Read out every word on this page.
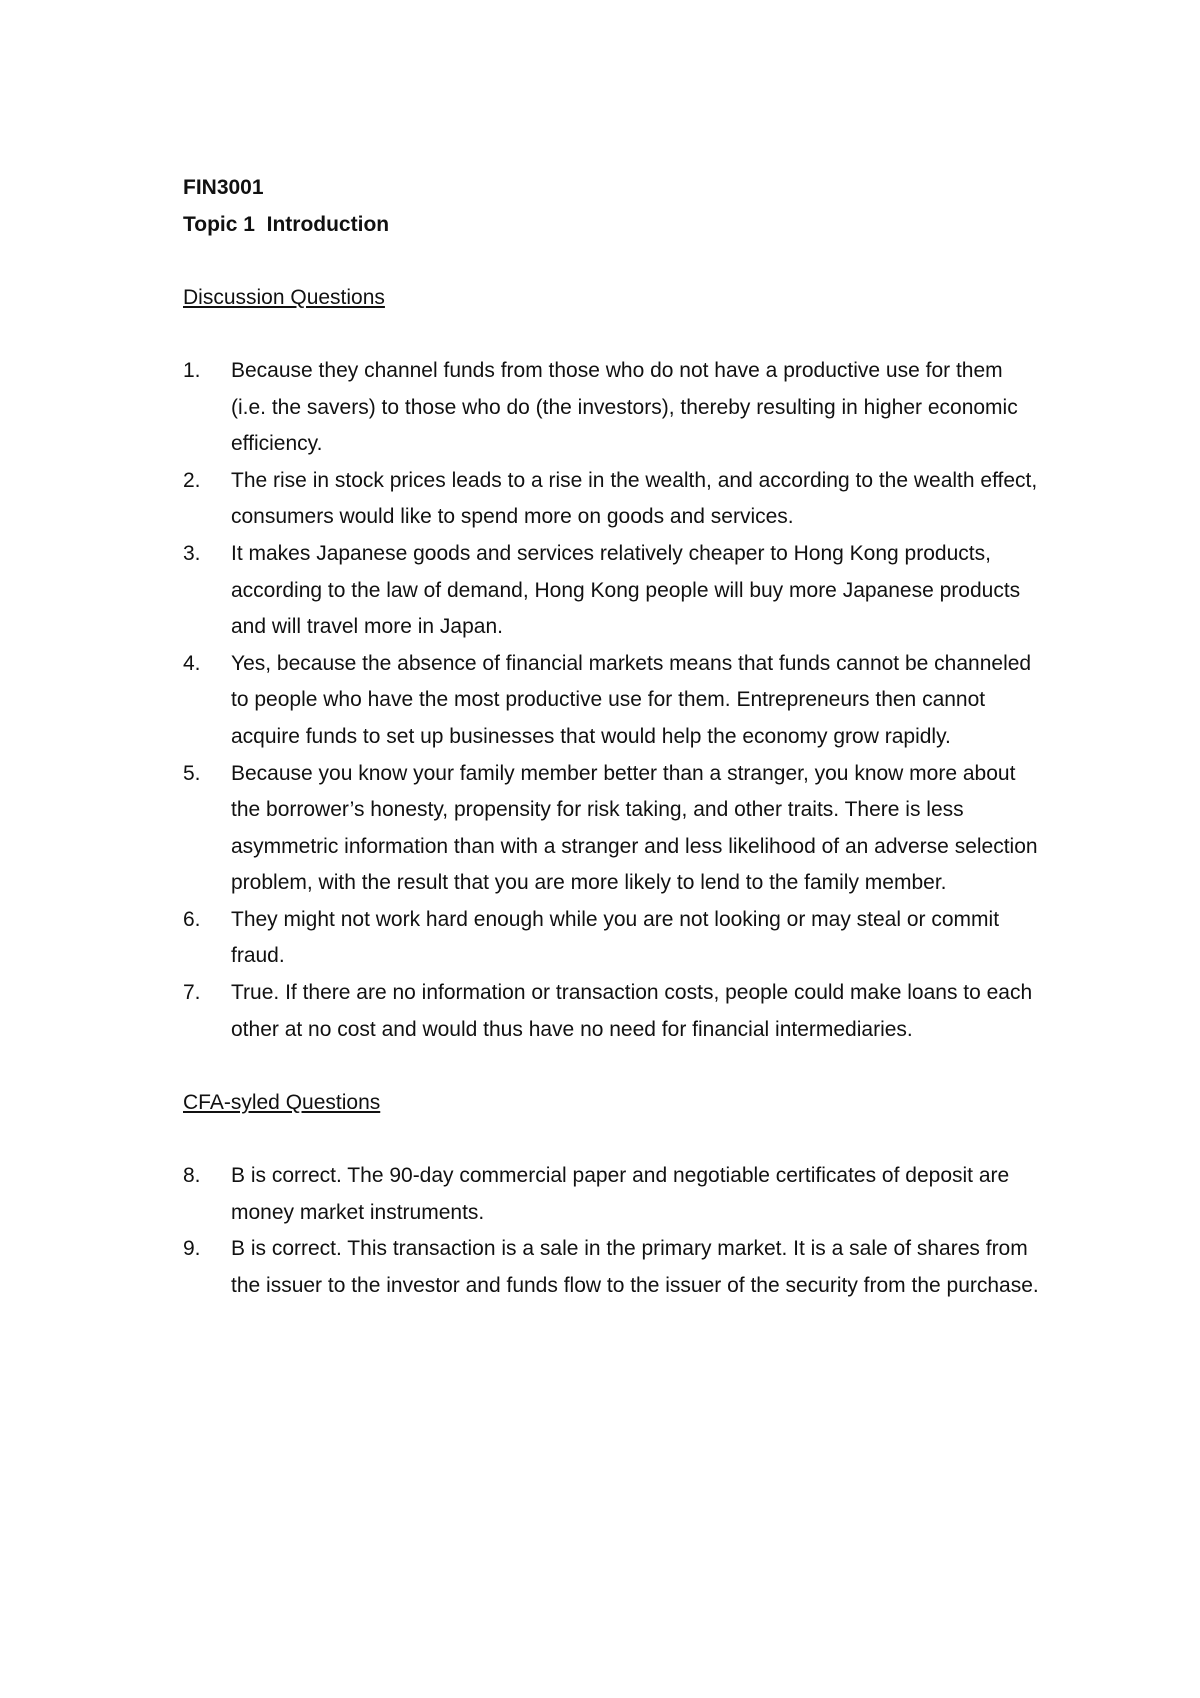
FIN3001
Topic 1  Introduction
Discussion Questions
1. Because they channel funds from those who do not have a productive use for them (i.e. the savers) to those who do (the investors), thereby resulting in higher economic efficiency.
2. The rise in stock prices leads to a rise in the wealth, and according to the wealth effect, consumers would like to spend more on goods and services.
3. It makes Japanese goods and services relatively cheaper to Hong Kong products, according to the law of demand, Hong Kong people will buy more Japanese products and will travel more in Japan.
4. Yes, because the absence of financial markets means that funds cannot be channeled to people who have the most productive use for them. Entrepreneurs then cannot acquire funds to set up businesses that would help the economy grow rapidly.
5. Because you know your family member better than a stranger, you know more about the borrower’s honesty, propensity for risk taking, and other traits. There is less asymmetric information than with a stranger and less likelihood of an adverse selection problem, with the result that you are more likely to lend to the family member.
6. They might not work hard enough while you are not looking or may steal or commit fraud.
7. True. If there are no information or transaction costs, people could make loans to each other at no cost and would thus have no need for financial intermediaries.
CFA-syled Questions
8. B is correct. The 90-day commercial paper and negotiable certificates of deposit are money market instruments.
9. B is correct. This transaction is a sale in the primary market. It is a sale of shares from the issuer to the investor and funds flow to the issuer of the security from the purchase.
